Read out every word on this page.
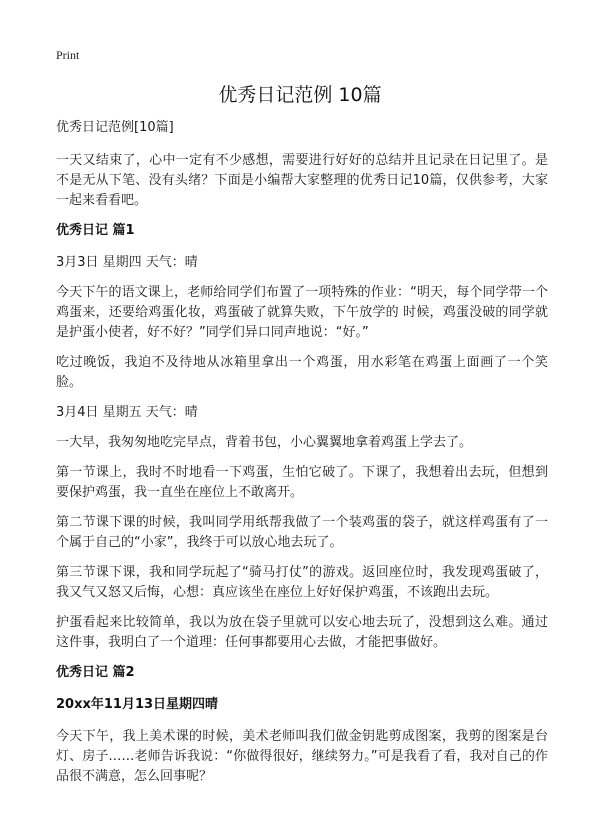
Print
优秀日记范例 10篇

优秀日记范例[10篇]

一天又结束了，心中一定有不少感想，需要进行好好的总结并且记录在日记里了。是不是无从下笔、没有头绪？下面是小编帮大家整理的优秀日记10篇，仅供参考，大家一起来看看吧。

优秀日记 篇1

3月3日 星期四 天气：晴

今天下午的语文课上，老师给同学们布置了一项特殊的作业：“明天，每个同学带一个鸡蛋来，还要给鸡蛋化妆，鸡蛋破了就算失败，下午放学的 时候，鸡蛋没破的同学就是护蛋小使者，好不好？”同学们异口同声地说：“好。”

吃过晚饭，我迫不及待地从冰箱里拿出一个鸡蛋，用水彩笔在鸡蛋上面画了一个笑脸。

3月4日 星期五 天气：晴

一大早，我匆匆地吃完早点，背着书包，小心翼翼地拿着鸡蛋上学去了。

第一节课上，我时不时地看一下鸡蛋，生怕它破了。下课了，我想着出去玩，但想到要保护鸡蛋，我一直坐在座位上不敢离开。

第二节课下课的时候，我叫同学用纸帮我做了一个装鸡蛋的袋子，就这样鸡蛋有了一个属于自己的“小家”，我终于可以放心地去玩了。

第三节课下课，我和同学玩起了“骑马打仗”的游戏。返回座位时，我发现鸡蛋破了，我又气又怒又后悔，心想：真应该坐在座位上好好保护鸡蛋，不该跑出去玩。

护蛋看起来比较简单，我以为放在袋子里就可以安心地去玩了，没想到这么难。通过这件事，我明白了一个道理：任何事都要用心去做，才能把事做好。

优秀日记 篇2
20xx年11月13日星期四晴

今天下午，我上美术课的时候，美术老师叫我们做金钥匙剪成图案，我剪的图案是台灯、房子……老师告诉我说：“你做得很好，继续努力。”可是我看了看，我对自己的作品很不满意，怎么回事呢？
